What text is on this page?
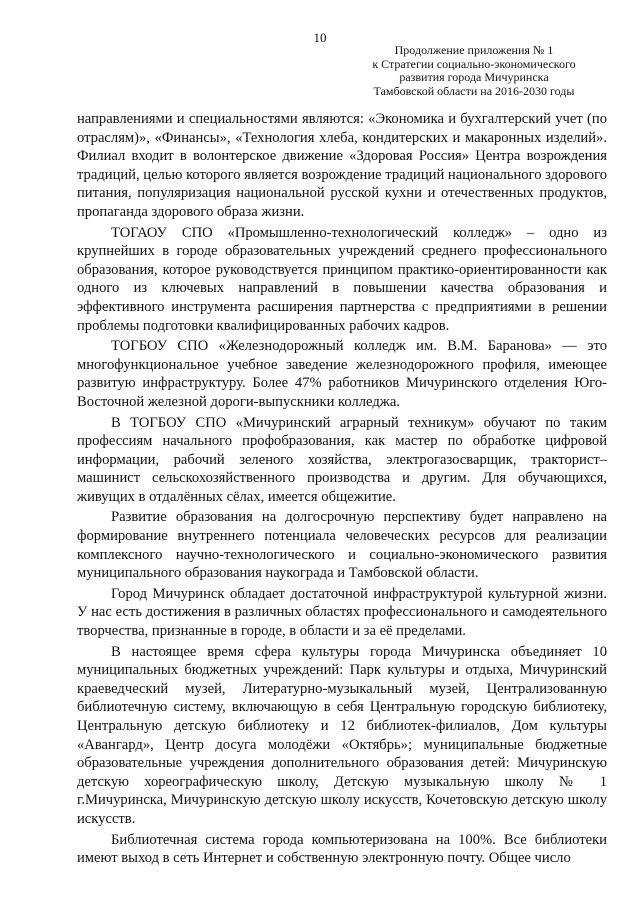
10
Продолжение приложения № 1
к Стратегии социально-экономического
развития города Мичуринска
Тамбовской области на 2016-2030 годы

направлениями и специальностями являются: «Экономика и бухгалтерский учет (по отраслям)», «Финансы», «Технология хлеба, кондитерских и макаронных изделий». Филиал входит в волонтерское движение «Здоровая Россия» Центра возрождения традиций, целью которого является возрождение традиций национального здорового питания, популяризация национальной русской кухни и отечественных продуктов, пропаганда здорового образа жизни.

ТОГАОУ СПО «Промышленно-технологический колледж» – одно из крупнейших в городе образовательных учреждений среднего профессионального образования, которое руководствуется принципом практико-ориентированности как одного из ключевых направлений в повышении качества образования и эффективного инструмента расширения партнерства с предприятиями в решении проблемы подготовки квалифицированных рабочих кадров.

ТОГБОУ СПО «Железнодорожный колледж им. В.М. Баранова» — это многофункциональное учебное заведение железнодорожного профиля, имеющее развитую инфраструктуру. Более 47% работников Мичуринского отделения Юго-Восточной железной дороги-выпускники колледжа.

В ТОГБОУ СПО «Мичуринский аграрный техникум» обучают по таким профессиям начального профобразования, как мастер по обработке цифровой информации, рабочий зеленого хозяйства, электрогазосварщик, тракторист–машинист сельскохозяйственного производства и другим. Для обучающихся, живущих в отдалённых сёлах, имеется общежитие.

Развитие образования на долгосрочную перспективу будет направлено на формирование внутреннего потенциала человеческих ресурсов для реализации комплексного научно-технологического и социально-экономического развития муниципального образования наукограда и Тамбовской области.

Город Мичуринск обладает достаточной инфраструктурой культурной жизни. У нас есть достижения в различных областях профессионального и самодеятельного творчества, признанные в городе, в области и за её пределами.

В настоящее время сфера культуры города Мичуринска объединяет 10 муниципальных бюджетных учреждений: Парк культуры и отдыха, Мичуринский краеведческий музей, Литературно-музыкальный музей, Централизованную библиотечную систему, включающую в себя Центральную городскую библиотеку, Центральную детскую библиотеку и 12 библиотек-филиалов, Дом культуры «Авангард», Центр досуга молодёжи «Октябрь»; муниципальные бюджетные образовательные учреждения дополнительного образования детей: Мичуринскую детскую хореографическую школу, Детскую музыкальную школу № 1 г.Мичуринска, Мичуринскую детскую школу искусств, Кочетовскую детскую школу искусств.

Библиотечная система города компьютеризована на 100%. Все библиотеки имеют выход в сеть Интернет и собственную электронную почту. Общее число
